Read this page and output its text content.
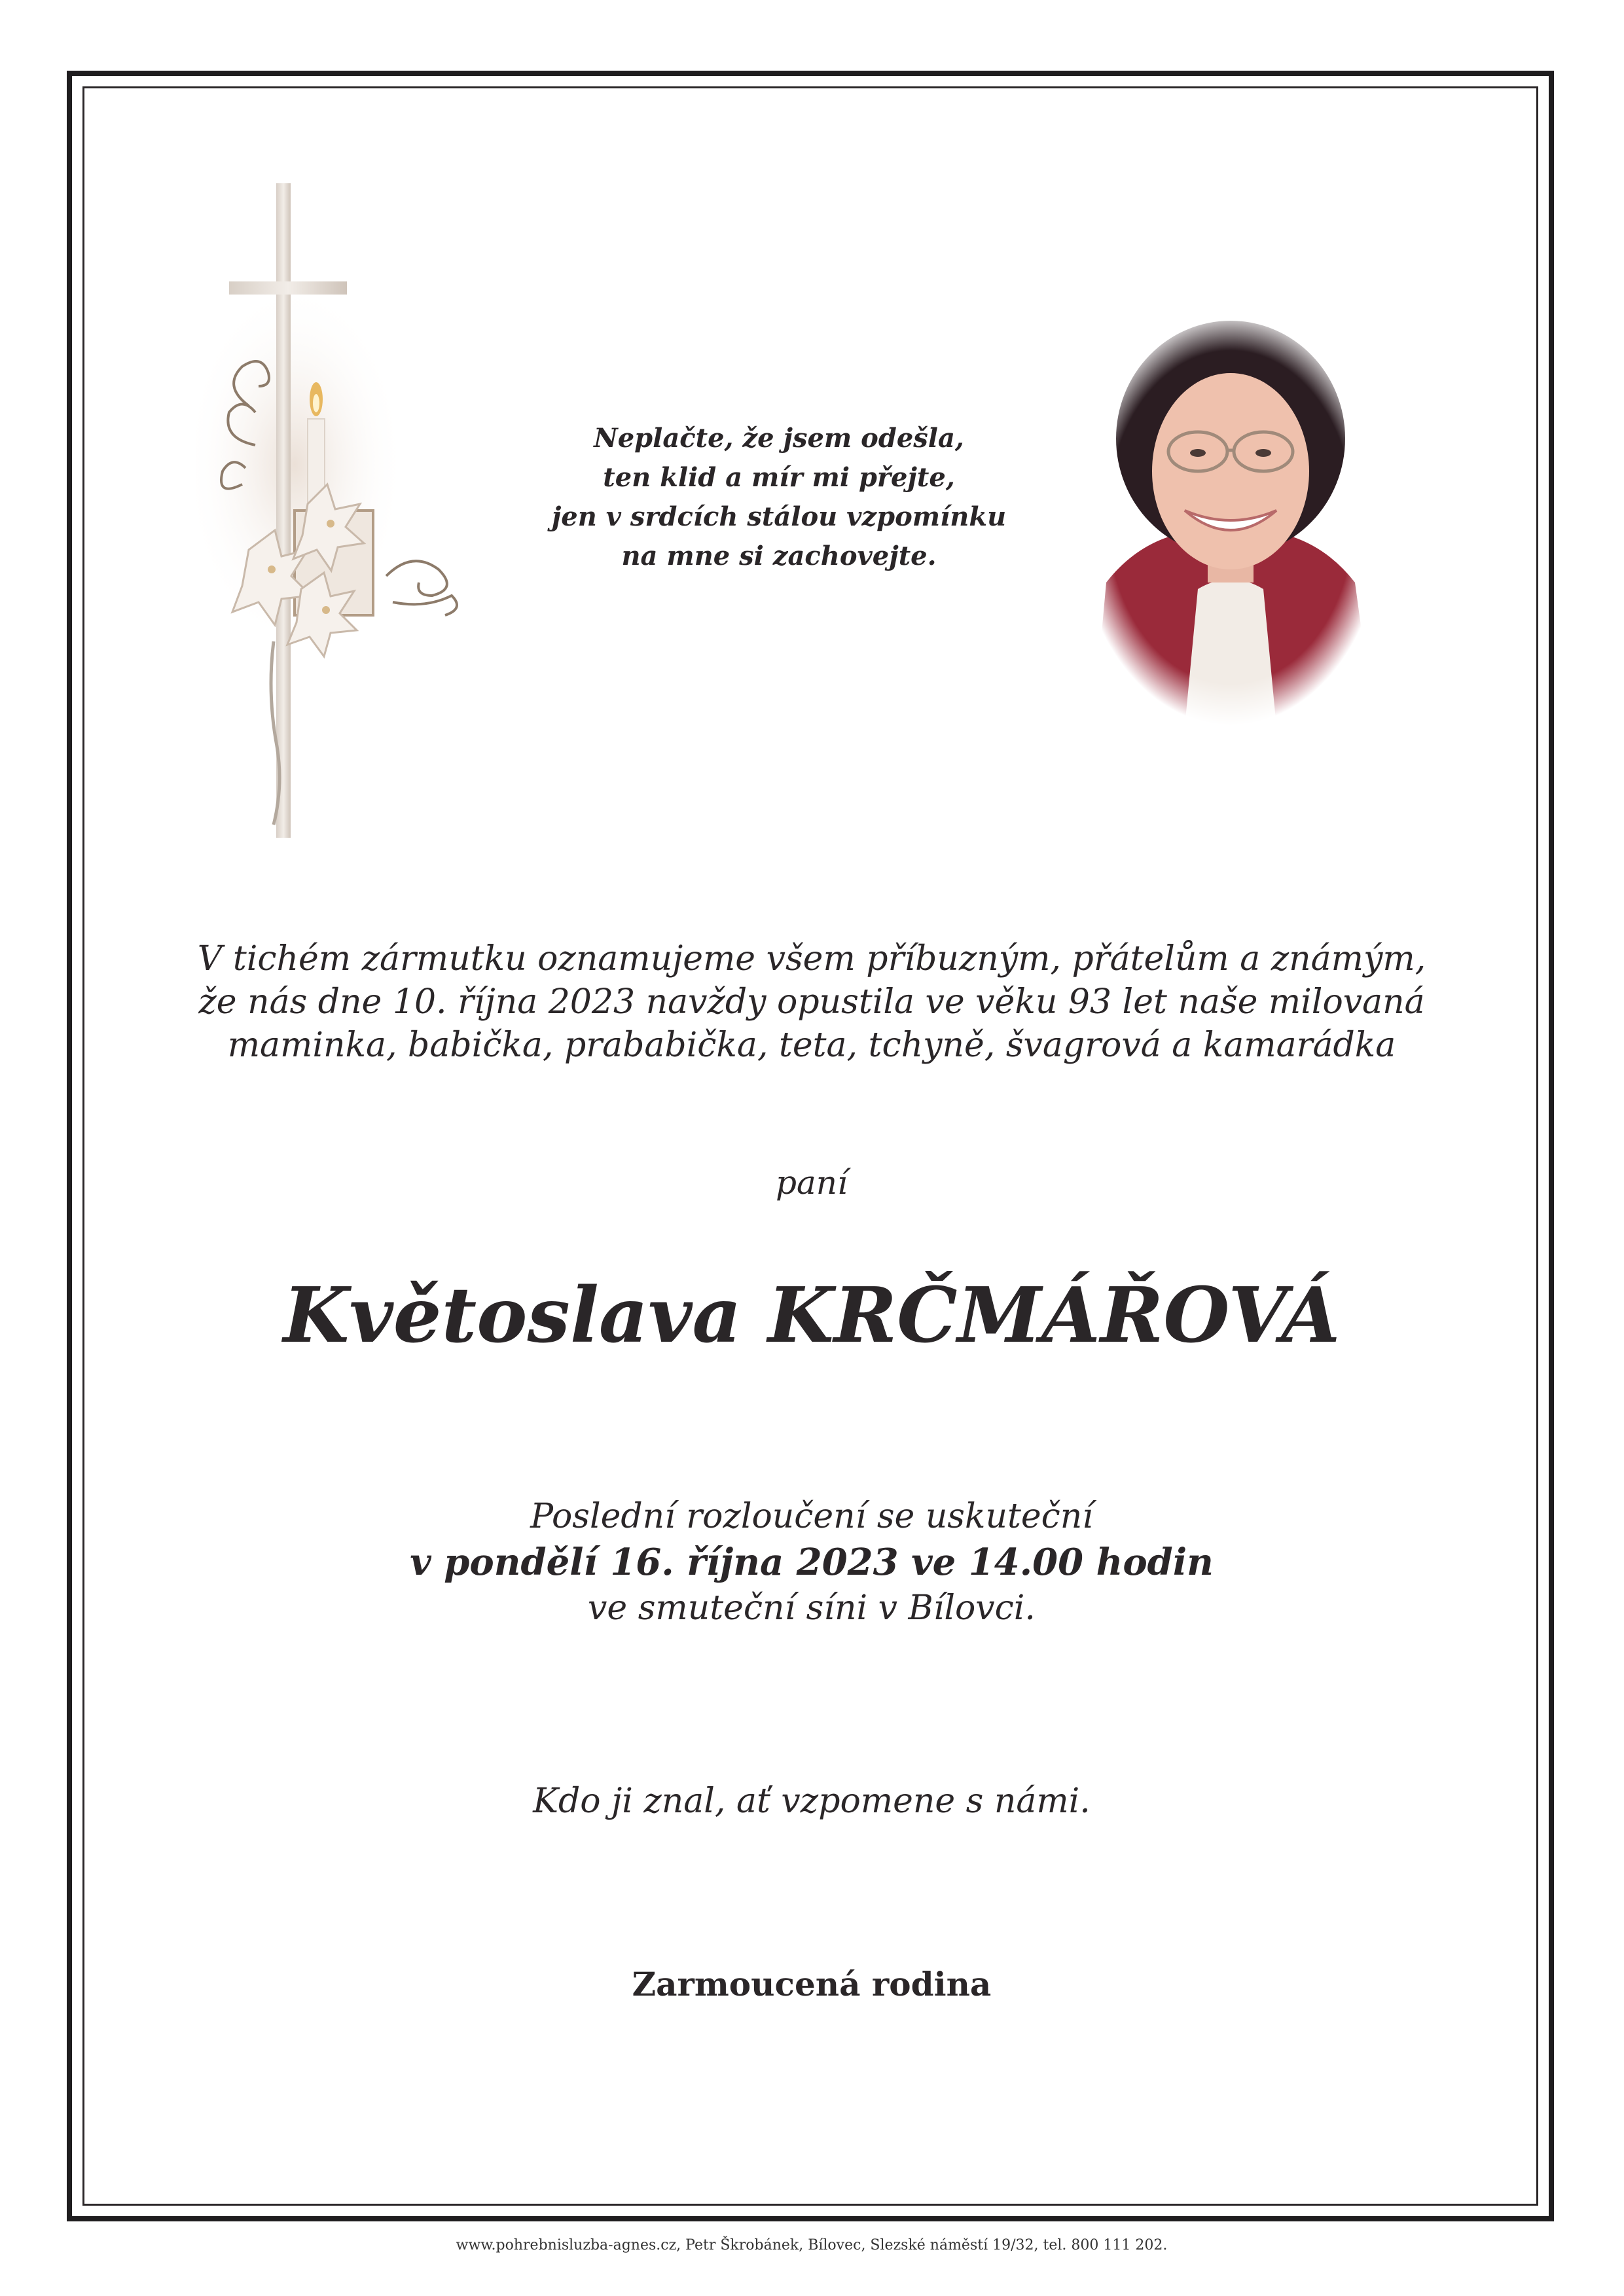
Neplačte, že jsem odešla,
ten klid a mír mi přejte,
jen v srdcích stálou vzpomínku
na mne si zachovejte.
V tichém zármutku oznamujeme všem příbuzným, přátelům a známým,
že nás dne 10. října 2023 navždy opustila ve věku 93 let naše milovaná
maminka, babička, prababička, teta, tchyně, švagrová a kamarádka
paní
Květoslava KRČMÁŘOVÁ
Poslední rozloučení se uskuteční
v pondělí 16. října 2023 ve 14.00 hodin
ve smuteční síni v Bílovci.
Kdo ji znal, ať vzpomene s námi.
Zarmoucená rodina
www.pohrebnisluzba-agnes.cz, Petr Škrobánek, Bílovec, Slezské náměstí 19/32, tel. 800 111 202.
